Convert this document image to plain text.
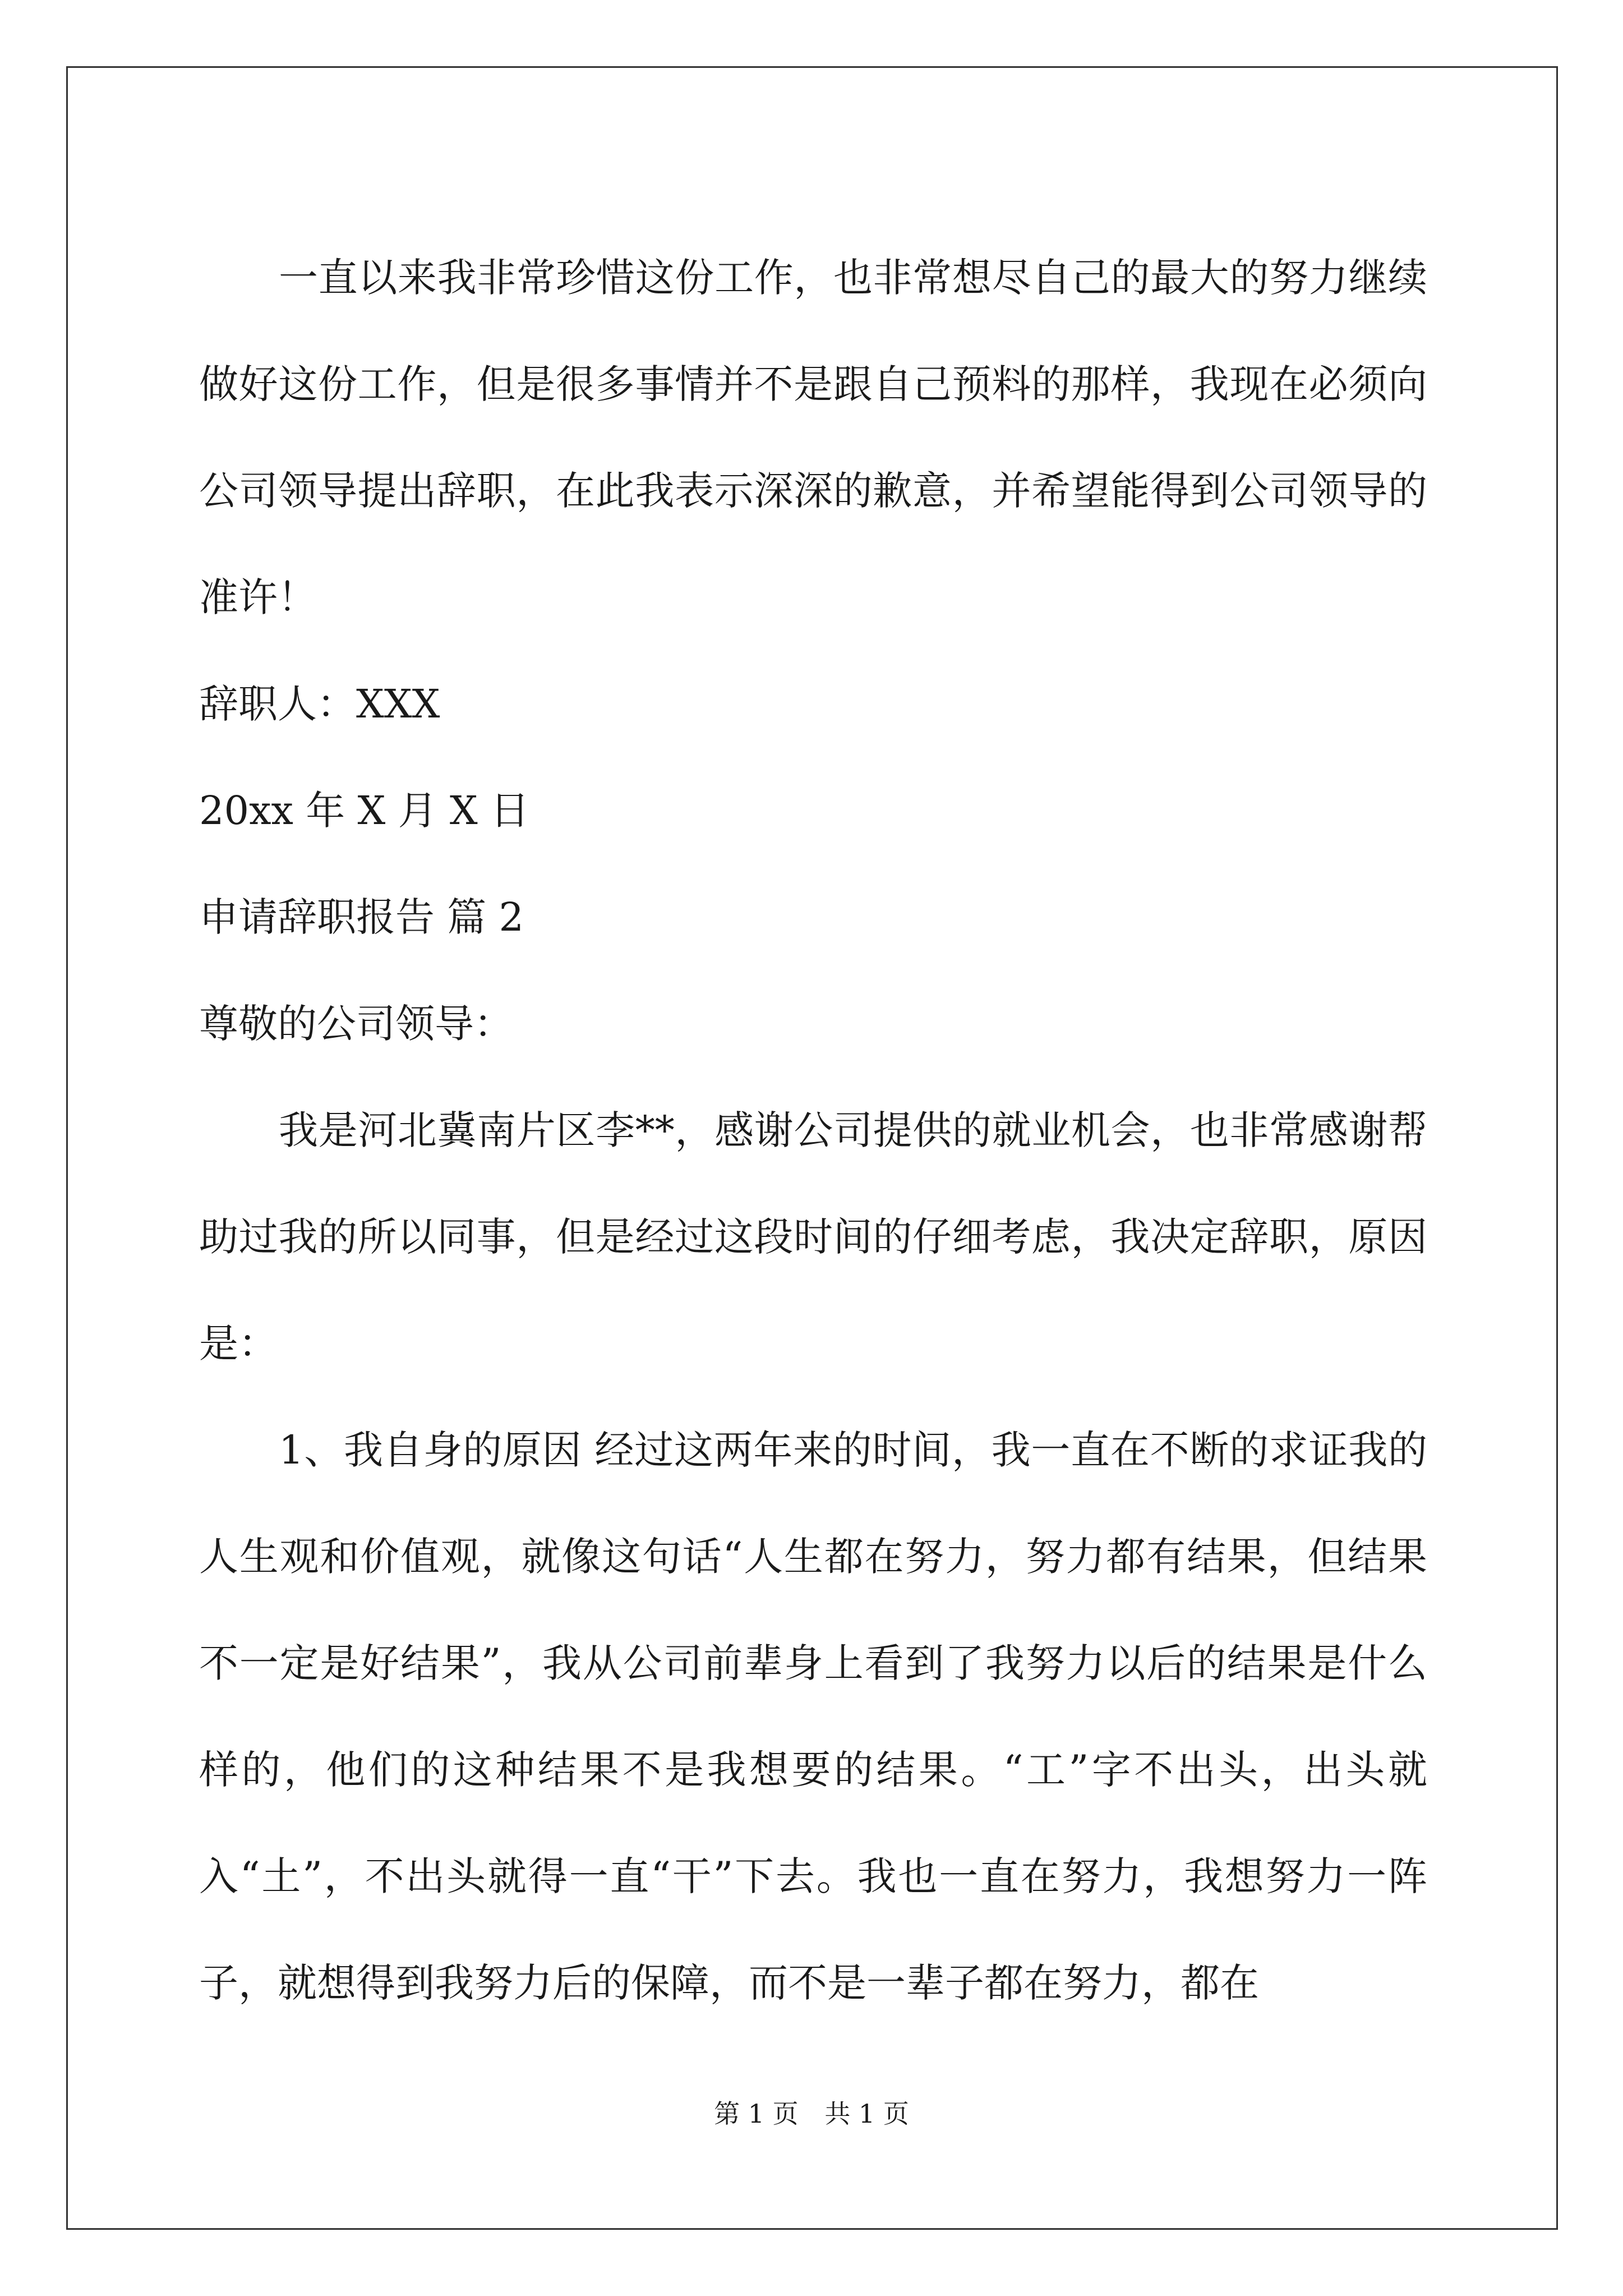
一直以来我非常珍惜这份工作，也非常想尽自己的最大的努力继续做好这份工作，但是很多事情并不是跟自己预料的那样，我现在必须向公司领导提出辞职，在此我表示深深的歉意，并希望能得到公司领导的准许！

辞职人：XXX

20xx 年 X 月 X 日

申请辞职报告 篇 2

尊敬的公司领导：

我是河北冀南片区李**，感谢公司提供的就业机会，也非常感谢帮助过我的所以同事，但是经过这段时间的仔细考虑，我决定辞职，原因是：

1、我自身的原因 经过这两年来的时间，我一直在不断的求证我的人生观和价值观，就像这句话“人生都在努力，努力都有结果，但结果不一定是好结果”，我从公司前辈身上看到了我努力以后的结果是什么样的，他们的这种结果不是我想要的结果。“工”字不出头，出头就入“土”，不出头就得一直“干”下去。我也一直在努力，我想努力一阵子，就想得到我努力后的保障，而不是一辈子都在努力，都在

第 1 页 共 1 页
